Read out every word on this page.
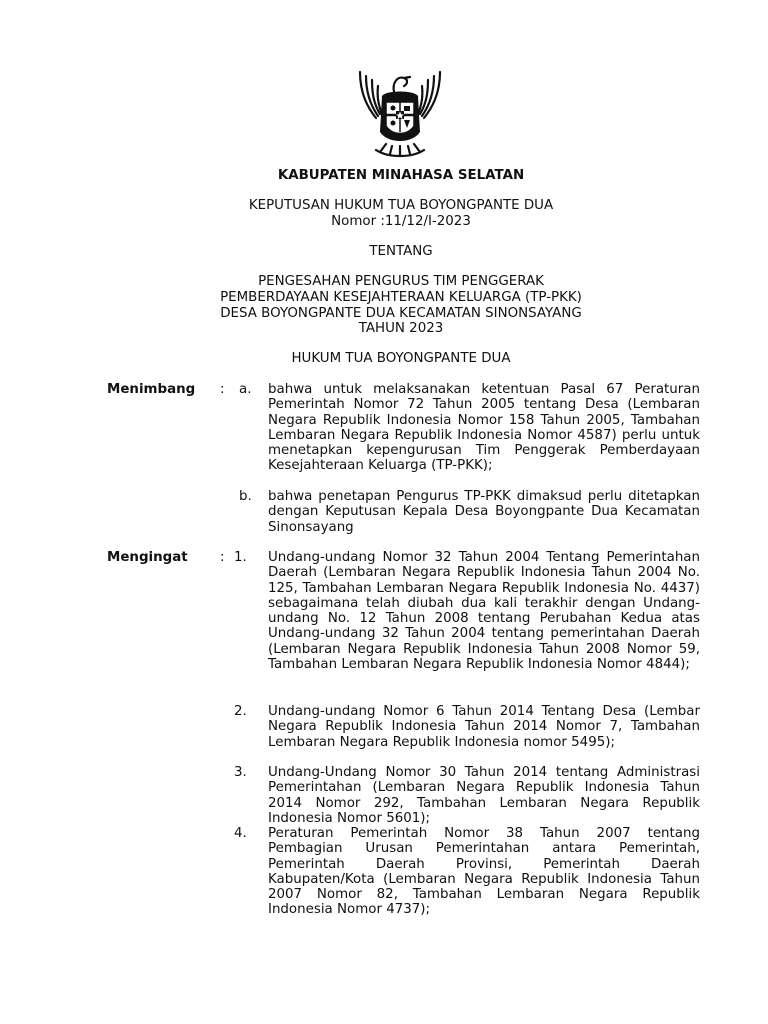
KABUPATEN MINAHASA SELATAN
KEPUTUSAN HUKUM TUA BOYONGPANTE DUA
Nomor :11/12/I-2023
TENTANG
PENGESAHAN PENGURUS TIM PENGGERAK
PEMBERDAYAAN KESEJAHTERAAN KELUARGA (TP-PKK)
DESA BOYONGPANTE DUA KECAMATAN SINONSAYANG
TAHUN 2023
HUKUM TUA BOYONGPANTE DUA
Menimbang : a. bahwa untuk melaksanakan ketentuan Pasal 67 Peraturan Pemerintah Nomor 72 Tahun 2005 tentang Desa (Lembaran Negara Republik Indonesia Nomor 158 Tahun 2005, Tambahan Lembaran Negara Republik Indonesia Nomor 4587) perlu untuk menetapkan kepengurusan Tim Penggerak Pemberdayaan Kesejahteraan Keluarga (TP-PKK);
b. bahwa penetapan Pengurus TP-PKK dimaksud perlu ditetapkan dengan Keputusan Kepala Desa Boyongpante Dua Kecamatan Sinonsayang
Mengingat : 1. Undang-undang Nomor 32 Tahun 2004 Tentang Pemerintahan Daerah (Lembaran Negara Republik Indonesia Tahun 2004 No. 125, Tambahan Lembaran Negara Republik Indonesia No. 4437) sebagaimana telah diubah dua kali terakhir dengan Undang-undang No. 12 Tahun 2008 tentang Perubahan Kedua atas Undang-undang 32 Tahun 2004 tentang pemerintahan Daerah (Lembaran Negara Republik Indonesia Tahun 2008 Nomor 59, Tambahan Lembaran Negara Republik Indonesia Nomor 4844);
2. Undang-undang Nomor 6 Tahun 2014 Tentang Desa (Lembar Negara Republik Indonesia Tahun 2014 Nomor 7, Tambahan Lembaran Negara Republik Indonesia nomor 5495);
3. Undang-Undang Nomor 30 Tahun 2014 tentang Administrasi Pemerintahan (Lembaran Negara Republik Indonesia Tahun 2014 Nomor 292, Tambahan Lembaran Negara Republik Indonesia Nomor 5601);
4. Peraturan Pemerintah Nomor 38 Tahun 2007 tentang Pembagian Urusan Pemerintahan antara Pemerintah, Pemerintah Daerah Provinsi, Pemerintah Daerah Kabupaten/Kota (Lembaran Negara Republik Indonesia Tahun 2007 Nomor 82, Tambahan Lembaran Negara Republik Indonesia Nomor 4737);
